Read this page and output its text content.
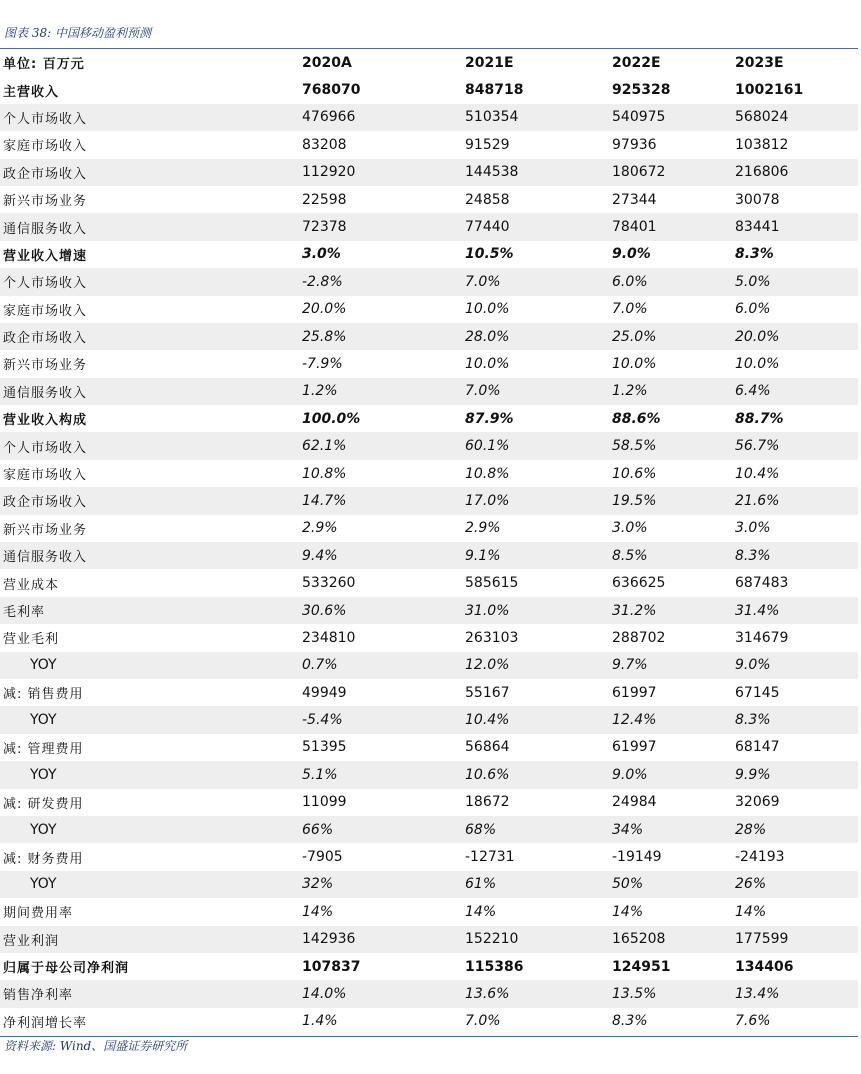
图表 38: 中国移动盈利预测
单位: 百万元	2020A	2021E	2022E	2023E
主营收入	768070	848718	925328	1002161
个人市场收入	476966	510354	540975	568024
家庭市场收入	83208	91529	97936	103812
政企市场收入	112920	144538	180672	216806
新兴市场业务	22598	24858	27344	30078
通信服务收入	72378	77440	78401	83441
营业收入增速	3.0%	10.5%	9.0%	8.3%
个人市场收入	-2.8%	7.0%	6.0%	5.0%
家庭市场收入	20.0%	10.0%	7.0%	6.0%
政企市场收入	25.8%	28.0%	25.0%	20.0%
新兴市场业务	-7.9%	10.0%	10.0%	10.0%
通信服务收入	1.2%	7.0%	1.2%	6.4%
营业收入构成	100.0%	87.9%	88.6%	88.7%
个人市场收入	62.1%	60.1%	58.5%	56.7%
家庭市场收入	10.8%	10.8%	10.6%	10.4%
政企市场收入	14.7%	17.0%	19.5%	21.6%
新兴市场业务	2.9%	2.9%	3.0%	3.0%
通信服务收入	9.4%	9.1%	8.5%	8.3%
营业成本	533260	585615	636625	687483
毛利率	30.6%	31.0%	31.2%	31.4%
营业毛利	234810	263103	288702	314679
YOY	0.7%	12.0%	9.7%	9.0%
减: 销售费用	49949	55167	61997	67145
YOY	-5.4%	10.4%	12.4%	8.3%
减: 管理费用	51395	56864	61997	68147
YOY	5.1%	10.6%	9.0%	9.9%
减: 研发费用	11099	18672	24984	32069
YOY	66%	68%	34%	28%
减: 财务费用	-7905	-12731	-19149	-24193
YOY	32%	61%	50%	26%
期间费用率	14%	14%	14%	14%
营业利润	142936	152210	165208	177599
归属于母公司净利润	107837	115386	124951	134406
销售净利率	14.0%	13.6%	13.5%	13.4%
净利润增长率	1.4%	7.0%	8.3%	7.6%
资料来源: Wind、国盛证券研究所
